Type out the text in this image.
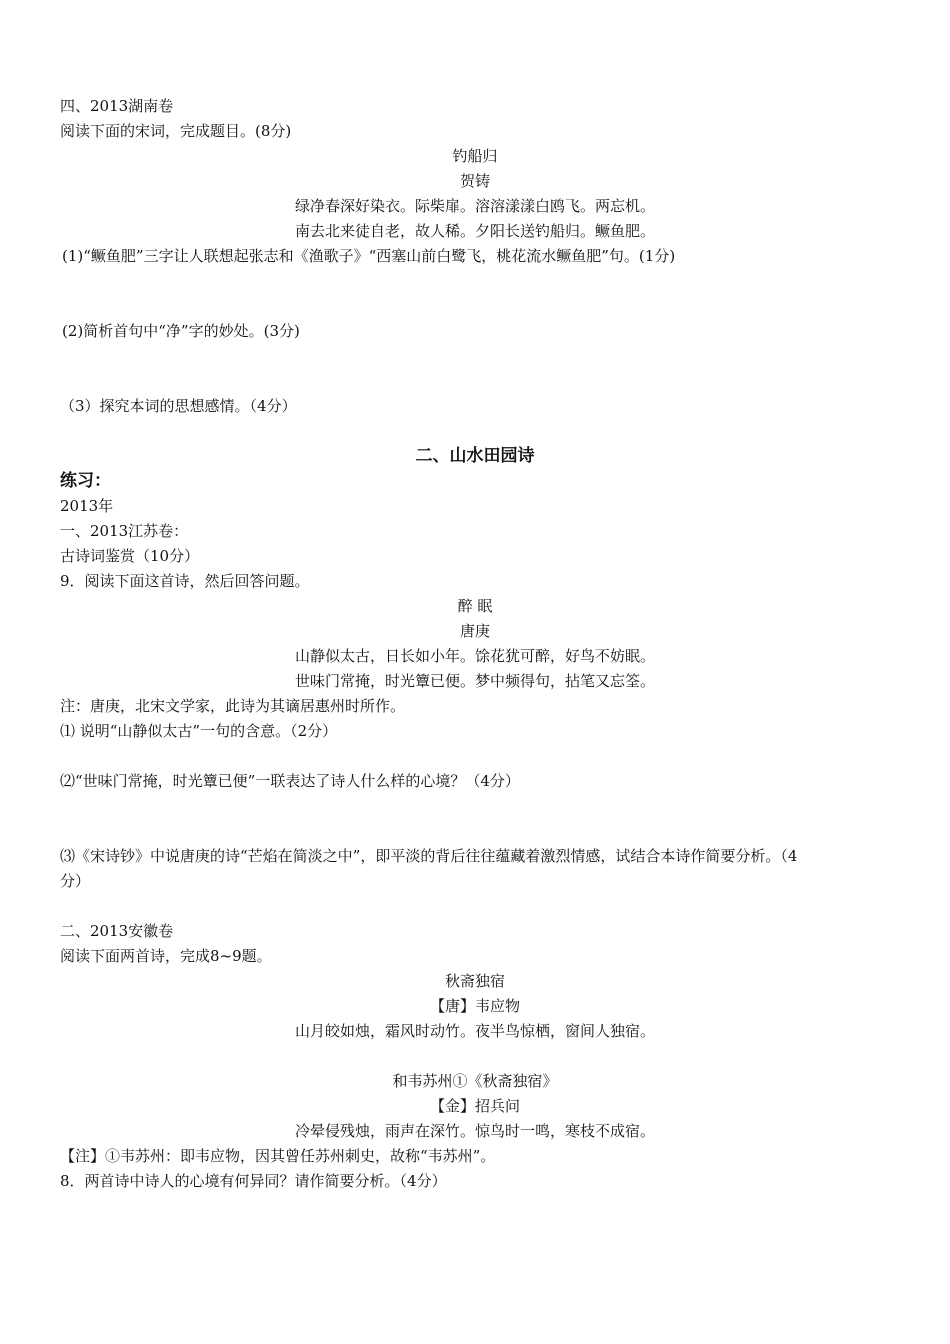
四、2013湖南卷
阅读下面的宋词，完成题目。(8分)
钓船归
贺铸
绿净春深好染衣。际柴扉。溶溶漾漾白鸥飞。两忘机。
南去北来徒自老，故人稀。夕阳长送钓船归。鳜鱼肥。
(1)“鳜鱼肥”三字让人联想起张志和《渔歌子》“西塞山前白鹭飞，桃花流水鳜鱼肥”句。(1分)
(2)简析首句中“净”字的妙处。(3分)
（3）探究本词的思想感情。（4分）
二、山水田园诗
练习：
2013年
一、2013江苏卷：
古诗词鉴赏（10分）
9．阅读下面这首诗，然后回答问题。
醉 眠
唐庚
山静似太古，日长如小年。馀花犹可醉，好鸟不妨眠。
世味门常掩，时光簟已便。梦中频得句，拈笔又忘筌。
注：唐庚，北宋文学家，此诗为其谪居惠州时所作。
⑴ 说明“山静似太古”一句的含意。（2分）
⑵“世味门常掩，时光簟已便”一联表达了诗人什么样的心境？（4分）
⑶《宋诗钞》中说唐庚的诗“芒焰在简淡之中”，即平淡的背后往往蕴藏着激烈情感，试结合本诗作简要分析。（4
分）
二、2013安徽卷
阅读下面两首诗，完成8~9题。
秋斋独宿
【唐】韦应物
山月皎如烛，霜风时动竹。夜半鸟惊栖，窗间人独宿。
和韦苏州①《秋斋独宿》
【金】招兵问
冷晕侵残烛，雨声在深竹。惊鸟时一鸣，寒枝不成宿。
【注】①韦苏州：即韦应物，因其曾任苏州刺史，故称“韦苏州”。
8．两首诗中诗人的心境有何异同？请作简要分析。（4分）
